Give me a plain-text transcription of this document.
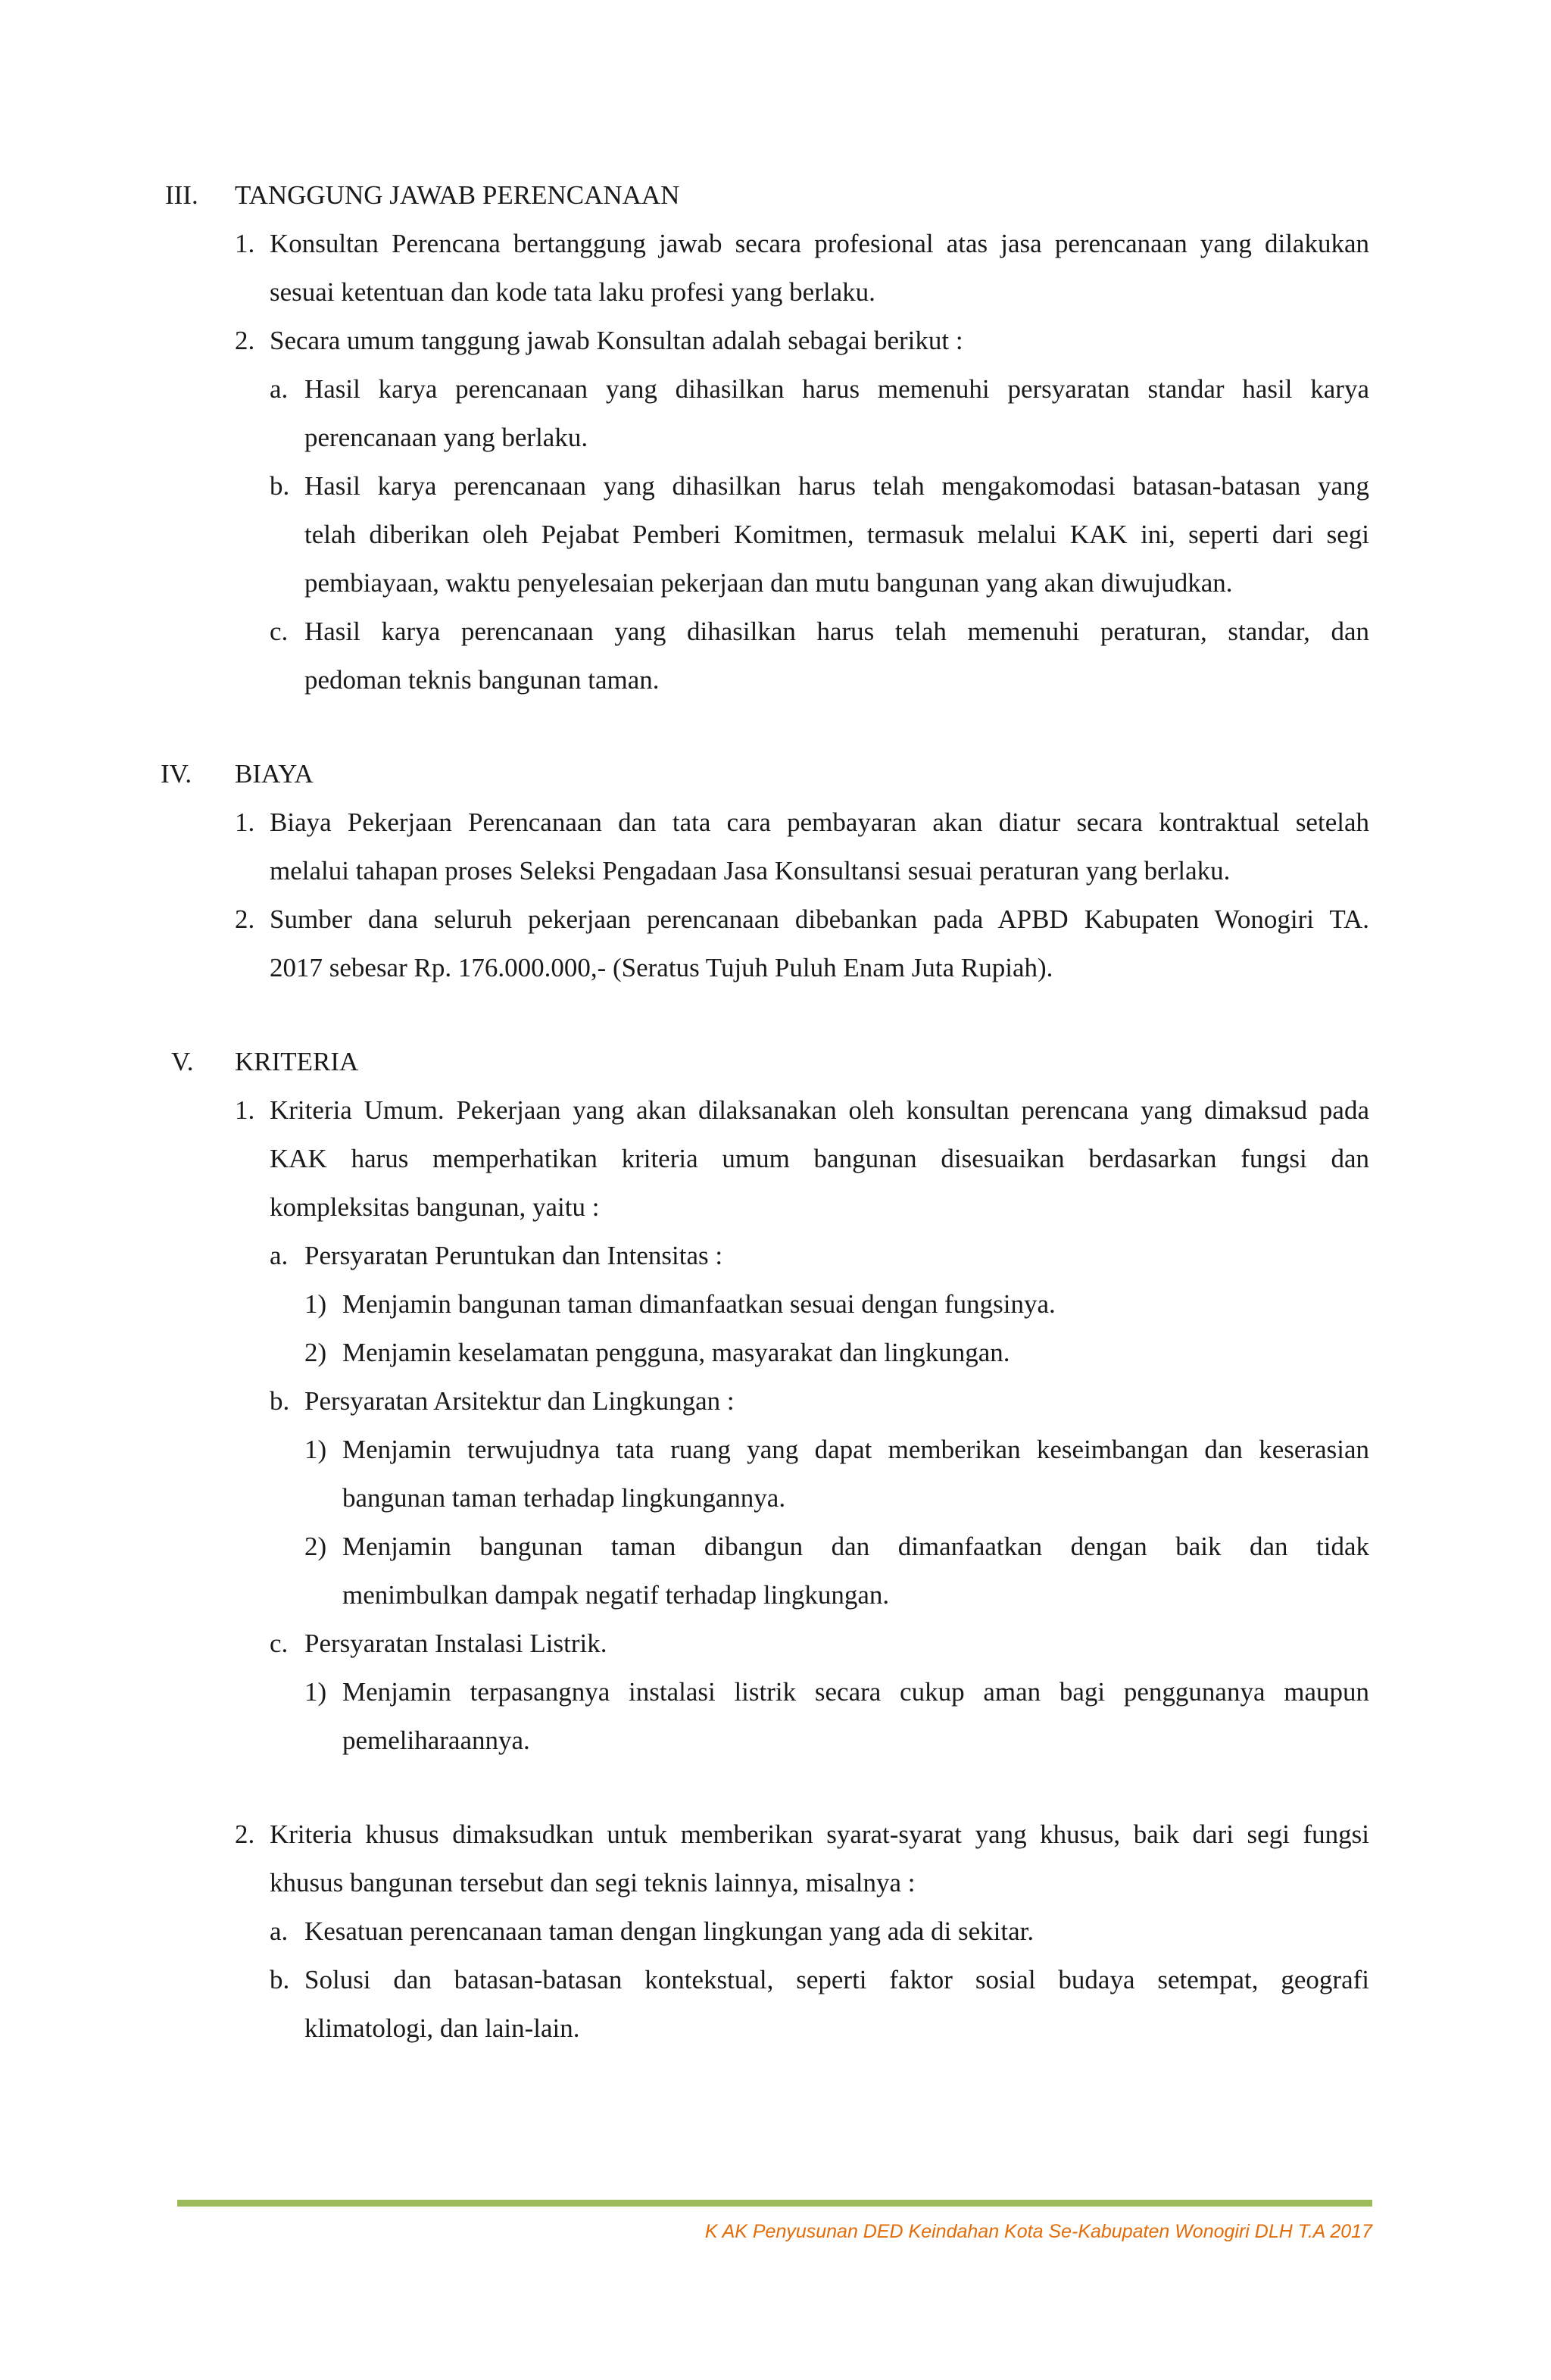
III. TANGGUNG JAWAB PERENCANAAN
1. Konsultan Perencana bertanggung jawab secara profesional atas jasa perencanaan yang dilakukan
sesuai ketentuan dan kode tata laku profesi yang berlaku.
2. Secara umum tanggung jawab Konsultan adalah sebagai berikut :
a. Hasil karya perencanaan yang dihasilkan harus memenuhi persyaratan standar hasil karya
perencanaan yang berlaku.
b. Hasil karya perencanaan yang dihasilkan harus telah mengakomodasi batasan-batasan yang
telah diberikan oleh Pejabat Pemberi Komitmen, termasuk melalui KAK ini, seperti dari segi
pembiayaan, waktu penyelesaian pekerjaan dan mutu bangunan yang akan diwujudkan.
c. Hasil karya perencanaan yang dihasilkan harus telah memenuhi peraturan, standar, dan
pedoman teknis bangunan taman.
IV. BIAYA
1. Biaya Pekerjaan Perencanaan dan tata cara pembayaran akan diatur secara kontraktual setelah
melalui tahapan proses Seleksi Pengadaan Jasa Konsultansi sesuai peraturan yang berlaku.
2. Sumber dana seluruh pekerjaan perencanaan dibebankan pada APBD Kabupaten Wonogiri TA.
2017 sebesar Rp. 176.000.000,- (Seratus Tujuh Puluh Enam Juta Rupiah).
V. KRITERIA
1. Kriteria Umum. Pekerjaan yang akan dilaksanakan oleh konsultan perencana yang dimaksud pada
KAK harus memperhatikan kriteria umum bangunan disesuaikan berdasarkan fungsi dan
kompleksitas bangunan, yaitu :
a. Persyaratan Peruntukan dan Intensitas :
1) Menjamin bangunan taman dimanfaatkan sesuai dengan fungsinya.
2) Menjamin keselamatan pengguna, masyarakat dan lingkungan.
b. Persyaratan Arsitektur dan Lingkungan :
1) Menjamin terwujudnya tata ruang yang dapat memberikan keseimbangan dan keserasian
bangunan taman terhadap lingkungannya.
2) Menjamin bangunan taman dibangun dan dimanfaatkan dengan baik dan tidak
menimbulkan dampak negatif terhadap lingkungan.
c. Persyaratan Instalasi Listrik.
1) Menjamin terpasangnya instalasi listrik secara cukup aman bagi penggunanya maupun
pemeliharaannya.
2. Kriteria khusus dimaksudkan untuk memberikan syarat-syarat yang khusus, baik dari segi fungsi
khusus bangunan tersebut dan segi teknis lainnya, misalnya :
a. Kesatuan perencanaan taman dengan lingkungan yang ada di sekitar.
b. Solusi dan batasan-batasan kontekstual, seperti faktor sosial budaya setempat, geografi
klimatologi, dan lain-lain.
K AK Penyusunan DED Keindahan Kota Se-Kabupaten Wonogiri DLH T.A 2017
